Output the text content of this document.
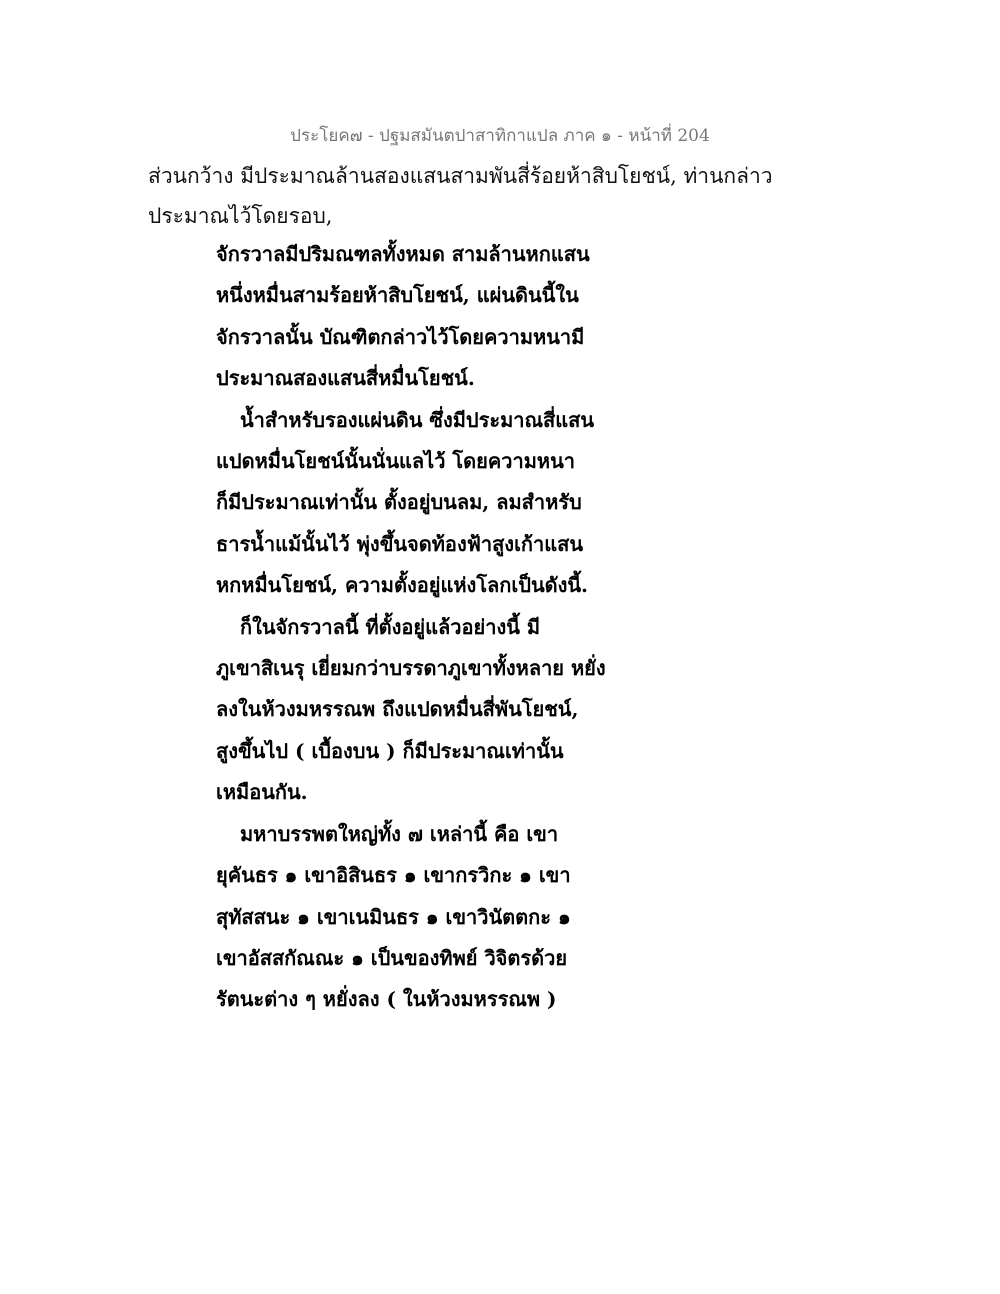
ประโยค๗ - ปฐมสมันตปาสาทิกาแปล ภาค ๑ - หน้าที่ 204
ส่วนกว้าง มีประมาณล้านสองแสนสามพันสี่ร้อยห้าสิบโยชน์, ท่านกล่าว
ประมาณไว้โดยรอบ,
จักรวาลมีปริมณฑลทั้งหมด สามล้านหกแสน
หนึ่งหมื่นสามร้อยห้าสิบโยชน์, แผ่นดินนี้ใน
จักรวาลนั้น บัณฑิตกล่าวไว้โดยความหนามี
ประมาณสองแสนสี่หมื่นโยชน์.
น้ำสำหรับรองแผ่นดิน ซึ่งมีประมาณสี่แสน
แปดหมื่นโยชน์นั้นนั่นแลไว้ โดยความหนา
ก็มีประมาณเท่านั้น ตั้งอยู่บนลม, ลมสำหรับ
ธารน้ำแม้นั้นไว้ พุ่งขึ้นจดท้องฟ้าสูงเก้าแสน
หกหมื่นโยชน์, ความตั้งอยู่แห่งโลกเป็นดังนี้.
ก็ในจักรวาลนี้ ที่ตั้งอยู่แล้วอย่างนี้ มี
ภูเขาสิเนรุ เยี่ยมกว่าบรรดาภูเขาทั้งหลาย หยั่ง
ลงในห้วงมหรรณพ ถึงแปดหมื่นสี่พันโยชน์,
สูงขึ้นไป ( เบื้องบน ) ก็มีประมาณเท่านั้น
เหมือนกัน.
มหาบรรพตใหญ่ทั้ง ๗ เหล่านี้ คือ เขา
ยุคันธร ๑ เขาอิสินธร ๑ เขากรวิกะ ๑ เขา
สุทัสสนะ ๑ เขาเนมินธร ๑ เขาวินัตตกะ ๑
เขาอัสสกัณณะ ๑ เป็นของทิพย์ วิจิตรด้วย
รัตนะต่าง ๆ หยั่งลง ( ในห้วงมหรรณพ )
